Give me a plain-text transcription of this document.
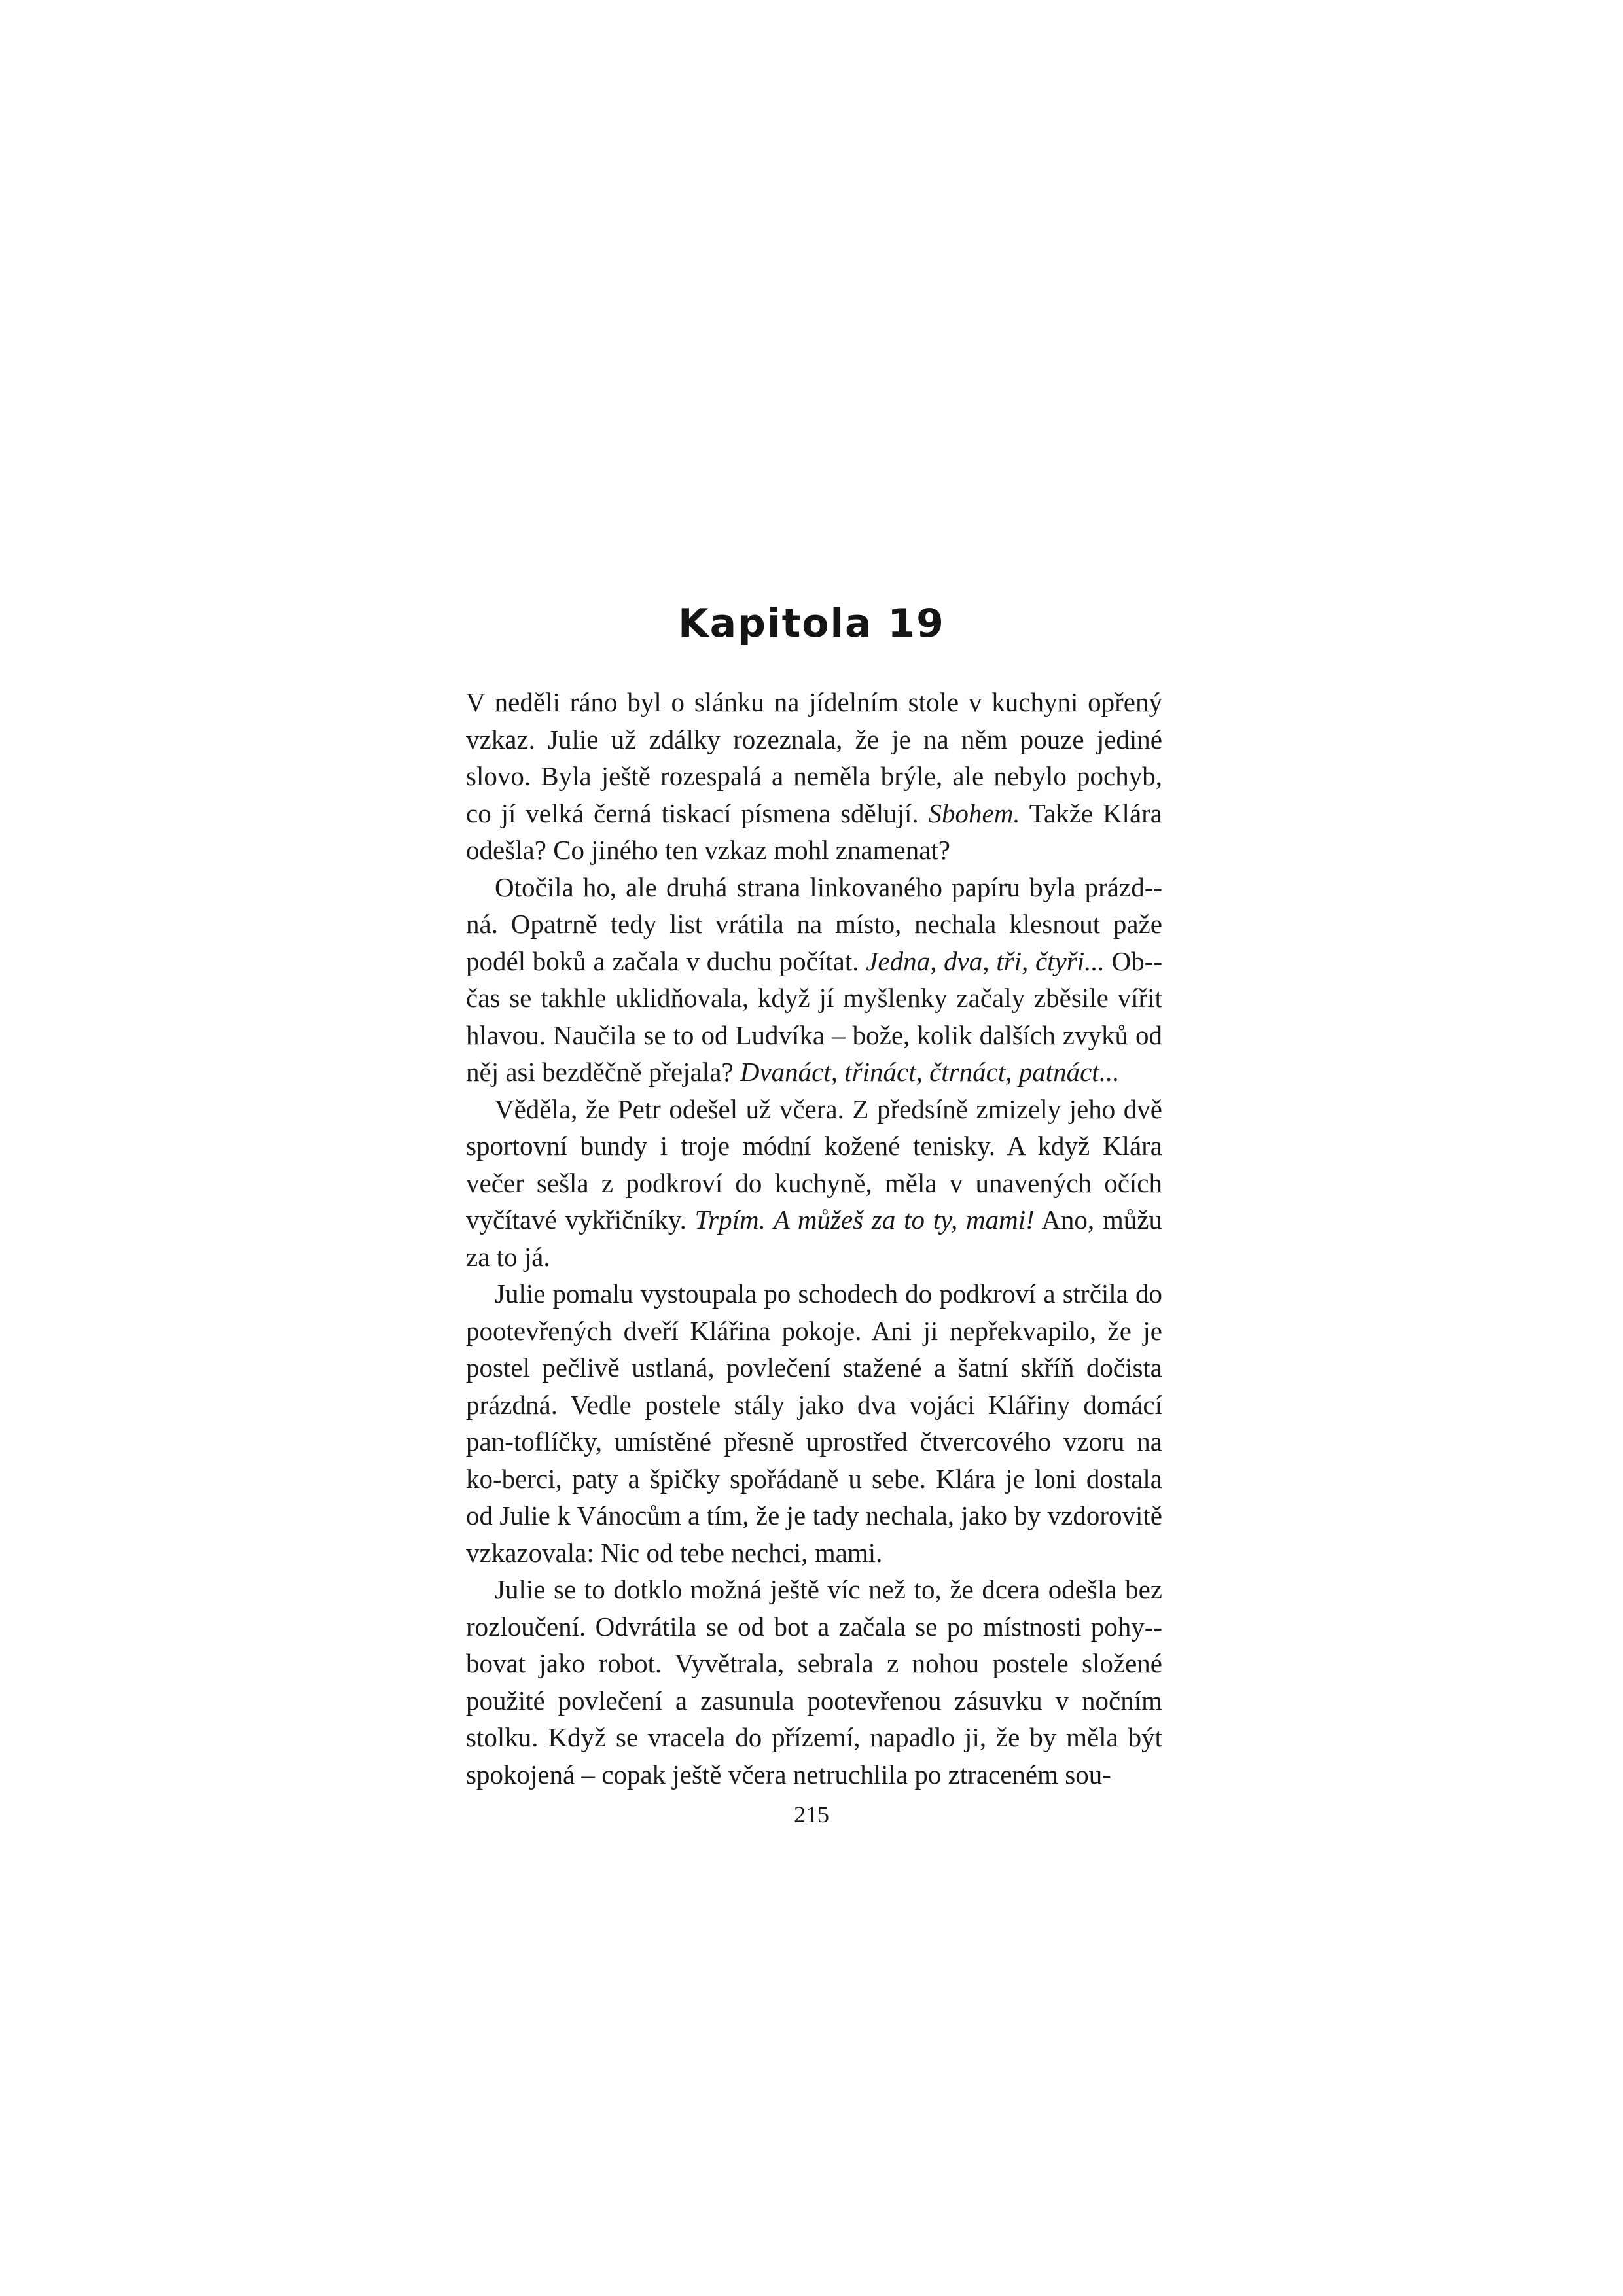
Kapitola 19

V neděli ráno byl o slánku na jídelním stole v kuchyni opřený vzkaz. Julie už zdálky rozeznala, že je na něm pouze jediné slovo. Byla ještě rozespalá a neměla brýle, ale nebylo pochyb, co jí velká černá tiskací písmena sdělují. Sbohem. Takže Klára odešla? Co jiného ten vzkaz mohl znamenat?

Otočila ho, ale druhá strana linkovaného papíru byla prázd-ná. Opatrně tedy list vrátila na místo, nechala klesnout paže podél boků a začala v duchu počítat. Jedna, dva, tři, čtyři... Ob-čas se takhle uklidňovala, když jí myšlenky začaly zběsile vířit hlavou. Naučila se to od Ludvíka – bože, kolik dalších zvyků od něj asi bezděčně přejala? Dvanáct, třináct, čtrnáct, patnáct...

Věděla, že Petr odešel už včera. Z předsíně zmizely jeho dvě sportovní bundy i troje módní kožené tenisky. A když Klára večer sešla z podkroví do kuchyně, měla v unavených očích vyčítavé vykřičníky. Trpím. A můžeš za to ty, mami! Ano, můžu za to já.

Julie pomalu vystoupala po schodech do podkroví a strčila do pootevřených dveří Klářina pokoje. Ani ji nepřekvapilo, že je postel pečlivě ustlaná, povlečení stažené a šatní skříň dočista prázdná. Vedle postele stály jako dva vojáci Klářiny domácí pan-toflíčky, umístěné přesně uprostřed čtvercového vzoru na ko-berci, paty a špičky spořádaně u sebe. Klára je loni dostala od Julie k Vánocům a tím, že je tady nechala, jako by vzdorovitě vzkazovala: Nic od tebe nechci, mami.

Julie se to dotklo možná ještě víc než to, že dcera odešla bez rozloučení. Odvrátila se od bot a začala se po místnosti pohy-bovat jako robot. Vyvětrala, sebrala z nohou postele složené použité povlečení a zasunula pootevřenou zásuvku v nočním stolku. Když se vracela do přízemí, napadlo ji, že by měla být spokojená – copak ještě včera netruchlila po ztraceném sou-

215
